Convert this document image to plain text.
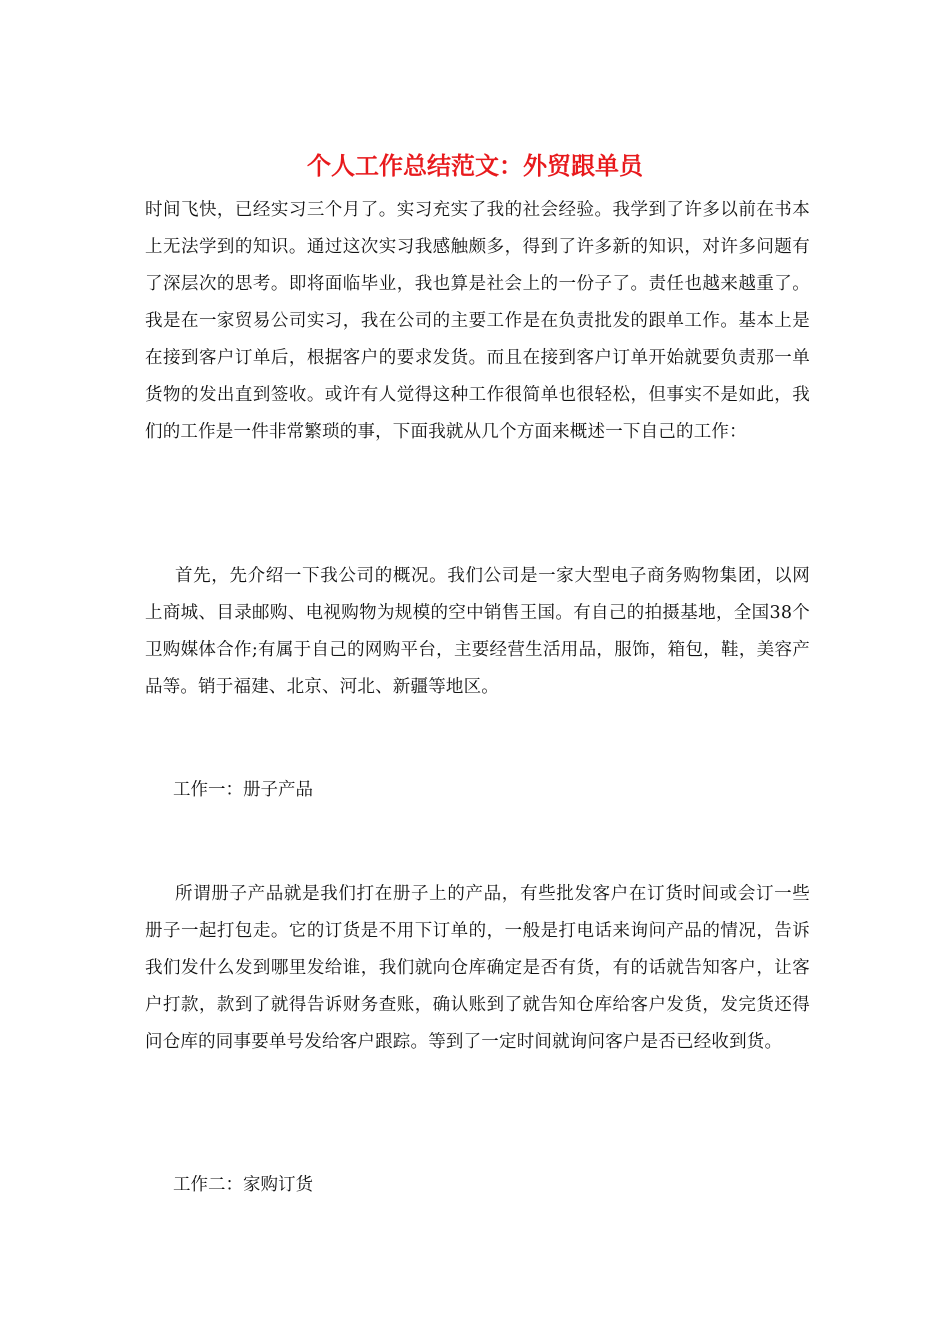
个人工作总结范文：外贸跟单员

时间飞快，已经实习三个月了。实习充实了我的社会经验。我学到了许多以前在书本上无法学到的知识。通过这次实习我感触颇多，得到了许多新的知识，对许多问题有了深层次的思考。即将面临毕业，我也算是社会上的一份子了。责任也越来越重了。我是在一家贸易公司实习，我在公司的主要工作是在负责批发的跟单工作。基本上是在接到客户订单后，根据客户的要求发货。而且在接到客户订单开始就要负责那一单货物的发出直到签收。或许有人觉得这种工作很简单也很轻松，但事实不是如此，我们的工作是一件非常繁琐的事，下面我就从几个方面来概述一下自己的工作：

首先，先介绍一下我公司的概况。我们公司是一家大型电子商务购物集团，以网上商城、目录邮购、电视购物为规模的空中销售王国。有自己的拍摄基地，全国38个卫购媒体合作;有属于自己的网购平台，主要经营生活用品，服饰，箱包，鞋，美容产品等。销于福建、北京、河北、新疆等地区。

工作一：册子产品

所谓册子产品就是我们打在册子上的产品，有些批发客户在订货时间或会订一些册子一起打包走。它的订货是不用下订单的，一般是打电话来询问产品的情况，告诉我们发什么发到哪里发给谁，我们就向仓库确定是否有货，有的话就告知客户，让客户打款，款到了就得告诉财务查账，确认账到了就告知仓库给客户发货，发完货还得问仓库的同事要单号发给客户跟踪。等到了一定时间就询问客户是否已经收到货。

工作二：家购订货
